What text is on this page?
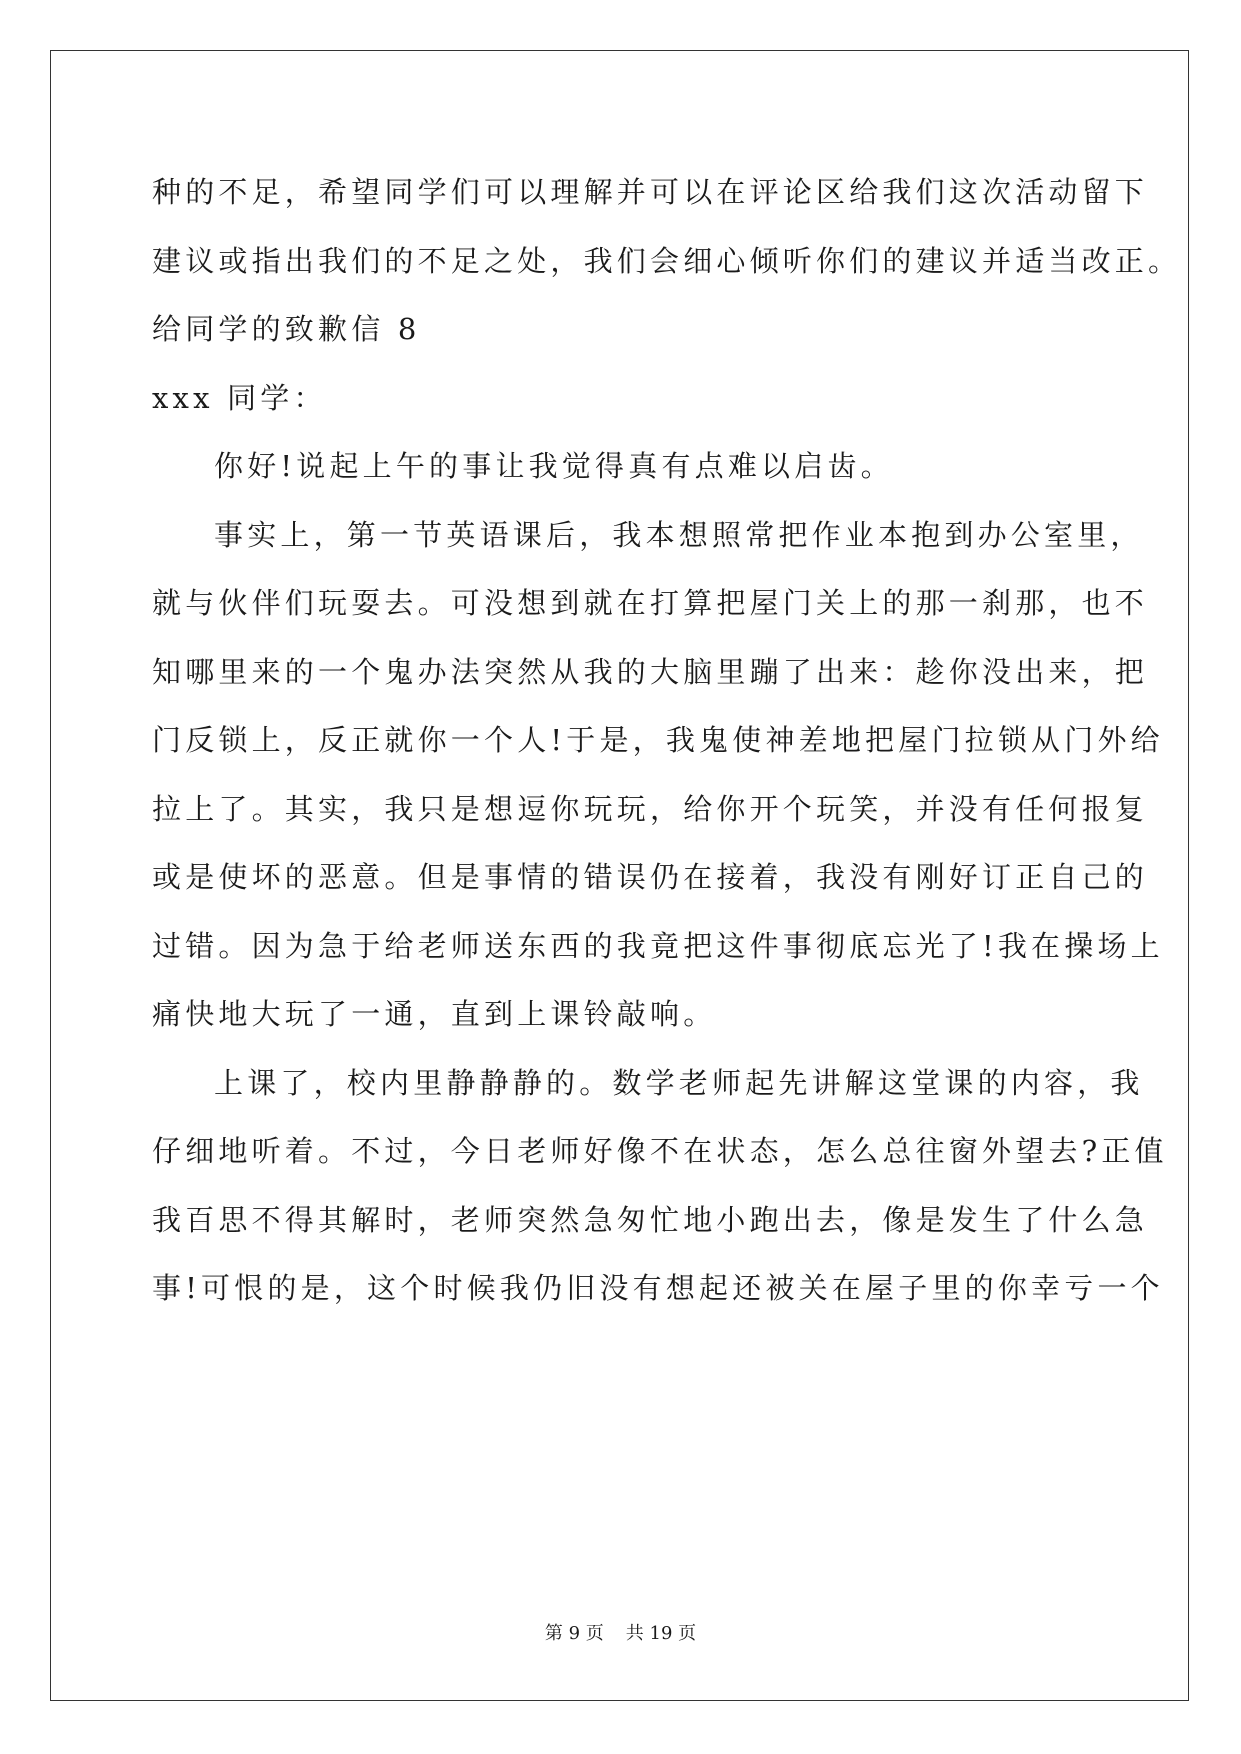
种的不足，希望同学们可以理解并可以在评论区给我们这次活动留下
建议或指出我们的不足之处，我们会细心倾听你们的建议并适当改正。
给同学的致歉信 8
xxx 同学：
你好!说起上午的事让我觉得真有点难以启齿。
事实上，第一节英语课后，我本想照常把作业本抱到办公室里，
就与伙伴们玩耍去。可没想到就在打算把屋门关上的那一刹那，也不
知哪里来的一个鬼办法突然从我的大脑里蹦了出来：趁你没出来，把
门反锁上，反正就你一个人!于是，我鬼使神差地把屋门拉锁从门外给
拉上了。其实，我只是想逗你玩玩，给你开个玩笑，并没有任何报复
或是使坏的恶意。但是事情的错误仍在接着，我没有刚好订正自己的
过错。因为急于给老师送东西的我竟把这件事彻底忘光了!我在操场上
痛快地大玩了一通，直到上课铃敲响。
上课了，校内里静静静的。数学老师起先讲解这堂课的内容，我
仔细地听着。不过，今日老师好像不在状态，怎么总往窗外望去?正值
我百思不得其解时，老师突然急匆忙地小跑出去，像是发生了什么急
事!可恨的是，这个时候我仍旧没有想起还被关在屋子里的你幸亏一个
第 9 页 共 19 页
